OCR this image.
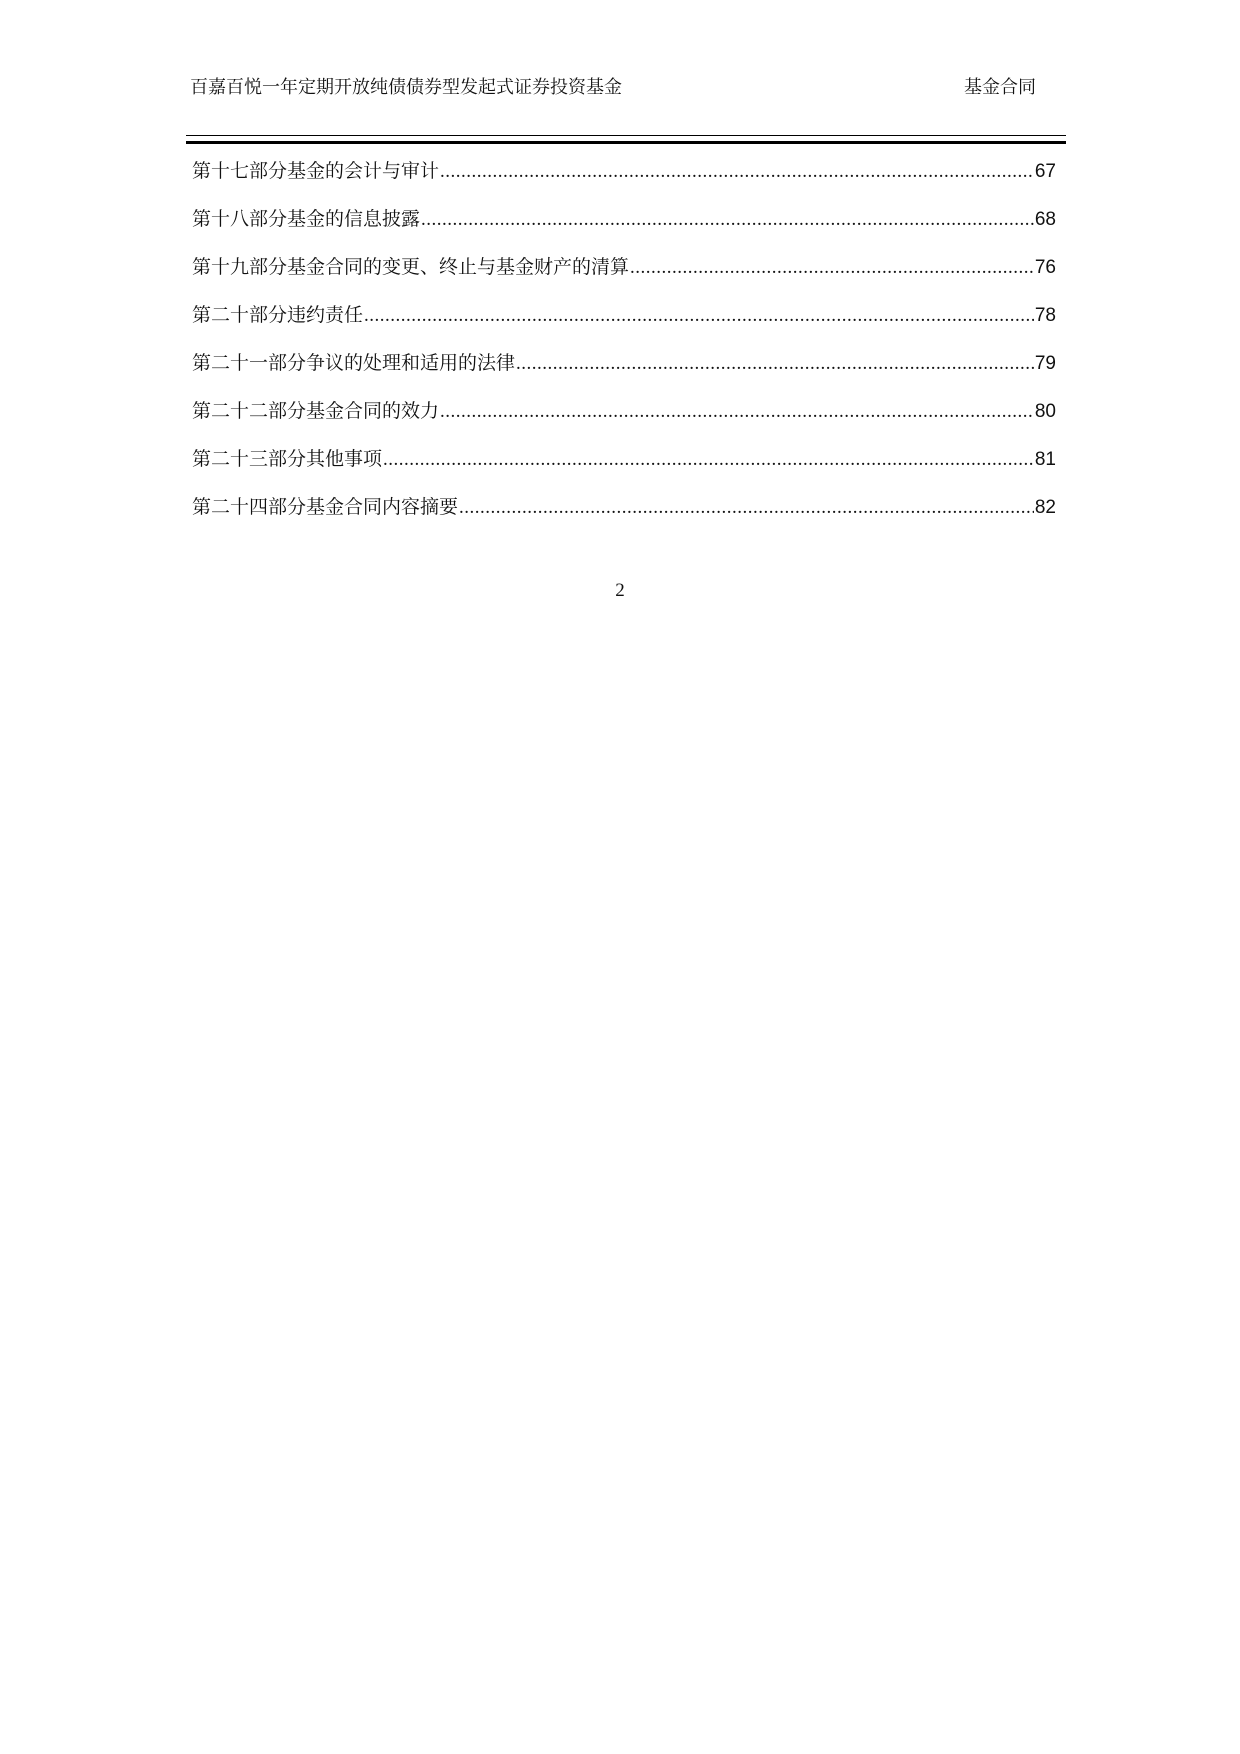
百嘉百悦一年定期开放纯债债券型发起式证券投资基金	基金合同
第十七部分基金的会计与审计 .....	67
第十八部分基金的信息披露 .....	68
第十九部分基金合同的变更、终止与基金财产的清算 .....	76
第二十部分违约责任 .....	78
第二十一部分争议的处理和适用的法律 .....	79
第二十二部分基金合同的效力 .....	80
第二十三部分其他事项 .....	81
第二十四部分基金合同内容摘要 .....	82
2
